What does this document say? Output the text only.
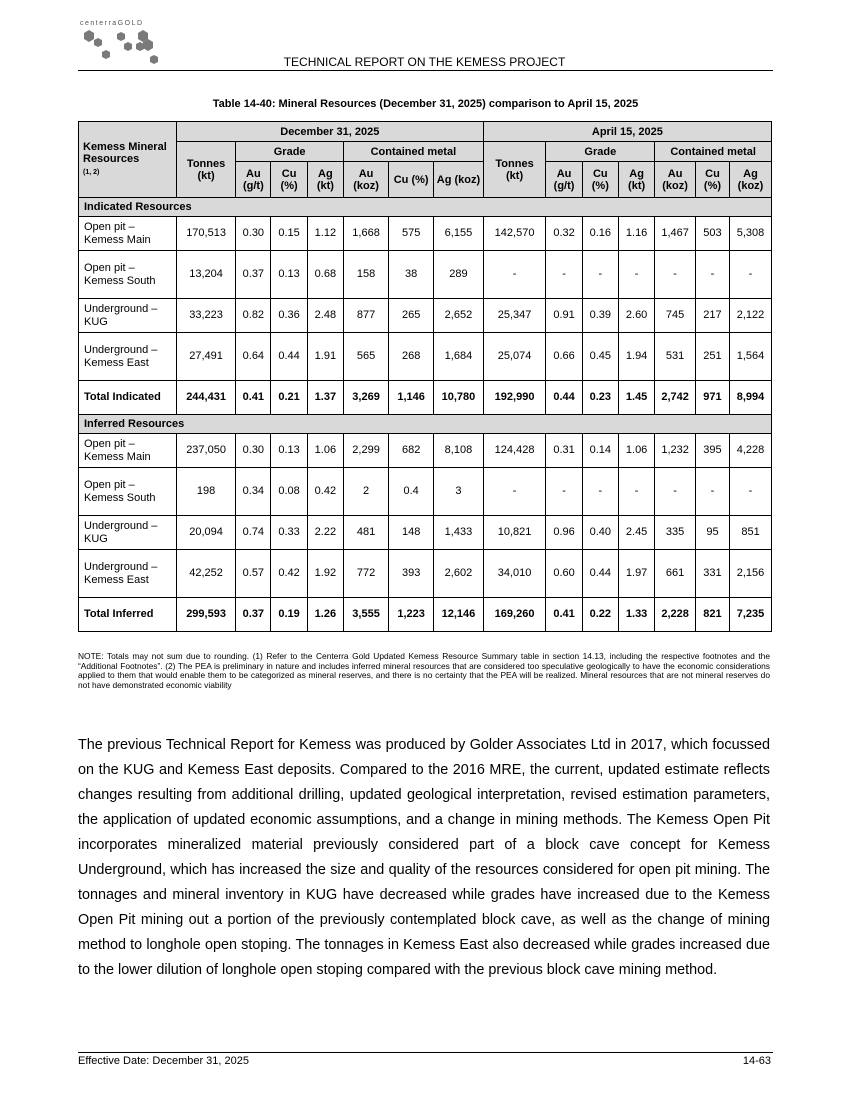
centerraGOLD
TECHNICAL REPORT ON THE KEMESS PROJECT
Table 14-40: Mineral Resources (December 31, 2025) comparison to April 15, 2025
Kemess Mineral Resources
(1, 2)	December 31, 2025							April 15, 2025						
	Tonnes (kt)	Grade			Contained metal			Tonnes (kt)	Grade			Contained metal		
		Au (g/t)	Cu (%)	Ag (kt)	Au (koz)	Cu (%)	Ag (koz)		Au (g/t)	Cu (%)	Ag (kt)	Au (koz)	Cu (%)	Ag (koz)
Indicated Resources														
Open pit – Kemess Main	170,513	0.30	0.15	1.12	1,668	575	6,155	142,570	0.32	0.16	1.16	1,467	503	5,308
Open pit – Kemess South	13,204	0.37	0.13	0.68	158	38	289	-	-	-	-	-	-	-
Underground – KUG	33,223	0.82	0.36	2.48	877	265	2,652	25,347	0.91	0.39	2.60	745	217	2,122
Underground – Kemess East	27,491	0.64	0.44	1.91	565	268	1,684	25,074	0.66	0.45	1.94	531	251	1,564
Total Indicated	244,431	0.41	0.21	1.37	3,269	1,146	10,780	192,990	0.44	0.23	1.45	2,742	971	8,994
Inferred Resources														
Open pit – Kemess Main	237,050	0.30	0.13	1.06	2,299	682	8,108	124,428	0.31	0.14	1.06	1,232	395	4,228
Open pit – Kemess South	198	0.34	0.08	0.42	2	0.4	3	-	-	-	-	-	-	-
Underground – KUG	20,094	0.74	0.33	2.22	481	148	1,433	10,821	0.96	0.40	2.45	335	95	851
Underground – Kemess East	42,252	0.57	0.42	1.92	772	393	2,602	34,010	0.60	0.44	1.97	661	331	2,156
Total Inferred	299,593	0.37	0.19	1.26	3,555	1,223	12,146	169,260	0.41	0.22	1.33	2,228	821	7,235
NOTE: Totals may not sum due to rounding. (1) Refer to the Centerra Gold Updated Kemess Resource Summary table in section 14.13, including the respective footnotes and the “Additional Footnotes”. (2) The PEA is preliminary in nature and includes inferred mineral resources that are considered too speculative geologically to have the economic considerations applied to them that would enable them to be categorized as mineral reserves, and there is no certainty that the PEA will be realized. Mineral resources that are not mineral reserves do not have demonstrated economic viability
The previous Technical Report for Kemess was produced by Golder Associates Ltd in 2017, which focussed on the KUG and Kemess East deposits. Compared to the 2016 MRE, the current, updated estimate reflects changes resulting from additional drilling, updated geological interpretation, revised estimation parameters, the application of updated economic assumptions, and a change in mining methods. The Kemess Open Pit incorporates mineralized material previously considered part of a block cave concept for Kemess Underground, which has increased the size and quality of the resources considered for open pit mining. The tonnages and mineral inventory in KUG have decreased while grades have increased due to the Kemess Open Pit mining out a portion of the previously contemplated block cave, as well as the change of mining method to longhole open stoping. The tonnages in Kemess East also decreased while grades increased due to the lower dilution of longhole open stoping compared with the previous block cave mining method.
Effective Date: December 31, 2025	14-63
